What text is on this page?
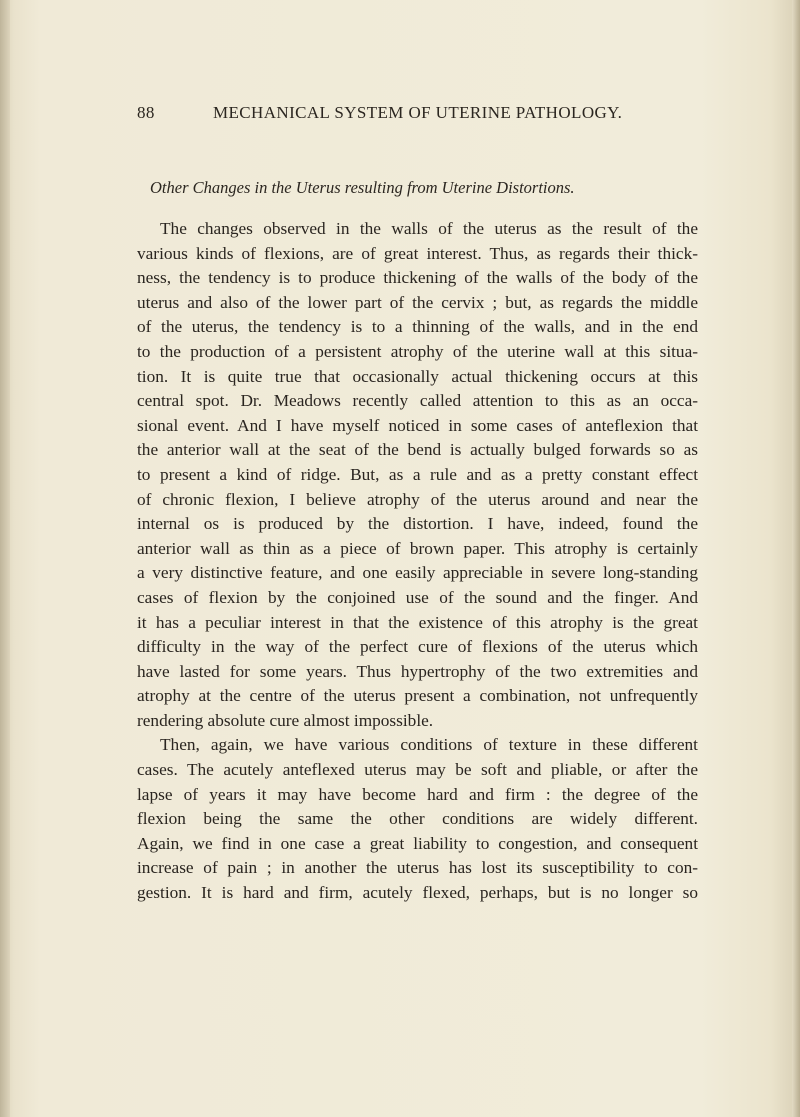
88	MECHANICAL SYSTEM OF UTERINE PATHOLOGY.
Other Changes in the Uterus resulting from Uterine Distortions.
The changes observed in the walls of the uterus as the result of the
various kinds of flexions, are of great interest. Thus, as regards their thick-
ness, the tendency is to produce thickening of the walls of the body of the
uterus and also of the lower part of the cervix ; but, as regards the middle
of the uterus, the tendency is to a thinning of the walls, and in the end
to the production of a persistent atrophy of the uterine wall at this situa-
tion. It is quite true that occasionally actual thickening occurs at this
central spot. Dr. Meadows recently called attention to this as an occa-
sional event. And I have myself noticed in some cases of anteflexion that
the anterior wall at the seat of the bend is actually bulged forwards so as
to present a kind of ridge. But, as a rule and as a pretty constant effect
of chronic flexion, I believe atrophy of the uterus around and near the
internal os is produced by the distortion. I have, indeed, found the
anterior wall as thin as a piece of brown paper. This atrophy is certainly
a very distinctive feature, and one easily appreciable in severe long-standing
cases of flexion by the conjoined use of the sound and the finger. And
it has a peculiar interest in that the existence of this atrophy is the great
difficulty in the way of the perfect cure of flexions of the uterus which
have lasted for some years. Thus hypertrophy of the two extremities and
atrophy at the centre of the uterus present a combination, not unfrequently
rendering absolute cure almost impossible.
Then, again, we have various conditions of texture in these different
cases. The acutely anteflexed uterus may be soft and pliable, or after the
lapse of years it may have become hard and firm : the degree of the
flexion being the same the other conditions are widely different.
Again, we find in one case a great liability to congestion, and consequent
increase of pain ; in another the uterus has lost its susceptibility to con-
gestion. It is hard and firm, acutely flexed, perhaps, but is no longer so
